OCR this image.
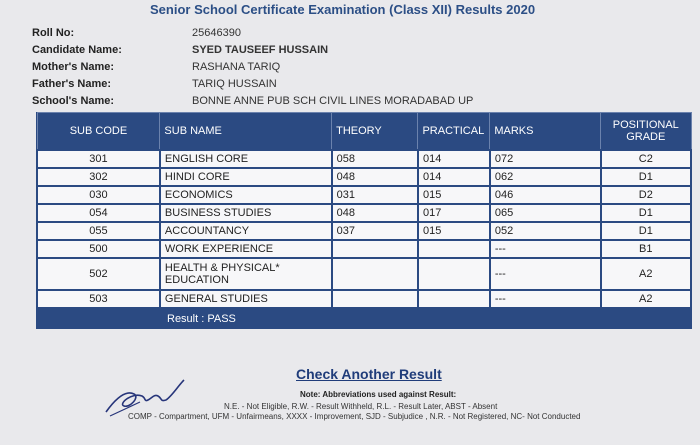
Senior School Certificate Examination (Class XII) Results 2020
Roll No:	25646390
Candidate Name:	SYED TAUSEEF HUSSAIN
Mother's Name:	RASHANA TARIQ
Father's Name:	TARIQ HUSSAIN
School's Name:	BONNE ANNE PUB SCH CIVIL LINES MORADABAD UP
SUB CODE	SUB NAME	THEORY	PRACTICAL	MARKS	POSITIONAL GRADE
301	ENGLISH CORE	058	014	072	C2
302	HINDI CORE	048	014	062	D1
030	ECONOMICS	031	015	046	D2
054	BUSINESS STUDIES	048	017	065	D1
055	ACCOUNTANCY	037	015	052	D1
500	WORK EXPERIENCE			---	B1
502	HEALTH & PHYSICAL* EDUCATION			---	A2
503	GENERAL STUDIES			---	A2
Result : PASS					
Check Another Result
Note: Abbreviations used against Result:
N.E. - Not Eligible, R.W. - Result Withheld, R.L. - Result Later, ABST - Absent
COMP - Compartment, UFM - Unfairmeans, XXXX - Improvement, SJD - Subjudice , N.R. - Not Registered, NC- Not Conducted
